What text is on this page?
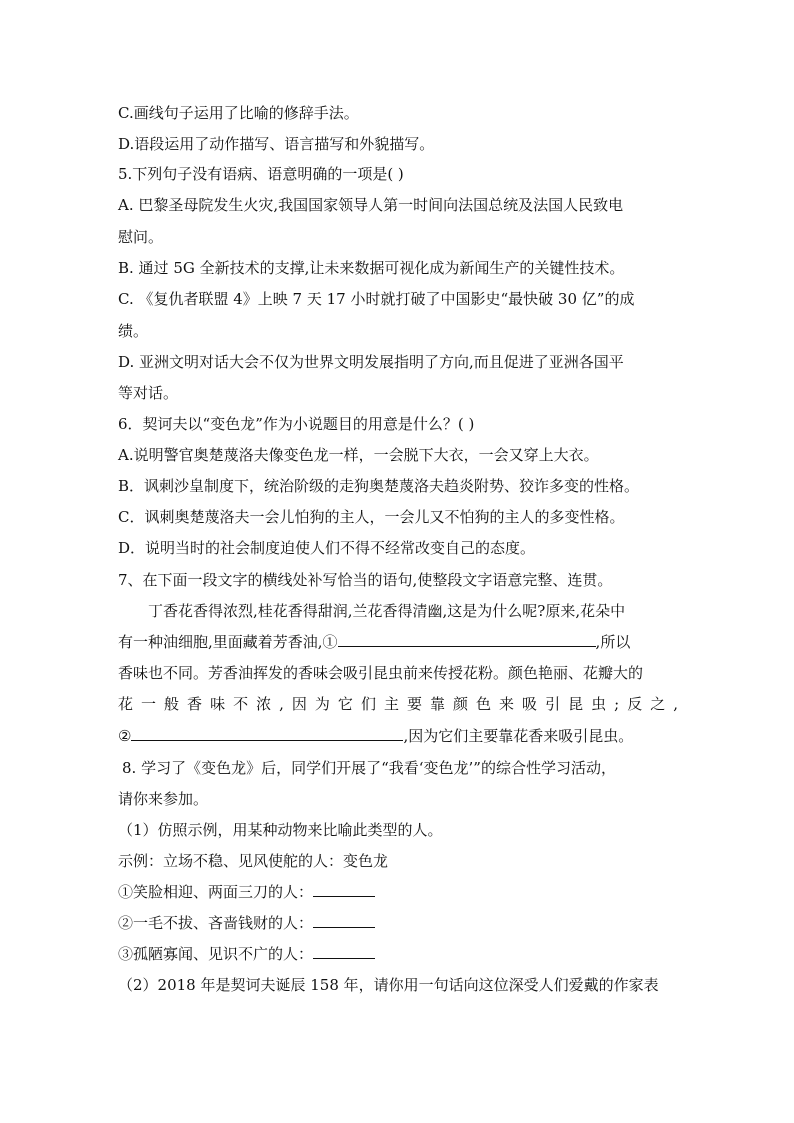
C.画线句子运用了比喻的修辞手法。
D.语段运用了动作描写、语言描写和外貌描写。
5.下列句子没有语病、语意明确的一项是( )
A. 巴黎圣母院发生火灾,我国国家领导人第一时间向法国总统及法国人民致电
慰问。
B. 通过 5G 全新技术的支撑,让未来数据可视化成为新闻生产的关键性技术。
C. 《复仇者联盟 4》上映 7 天 17 小时就打破了中国影史“最快破 30 亿”的成
绩。
D. 亚洲文明对话大会不仅为世界文明发展指明了方向,而且促进了亚洲各国平
等对话。
6．契诃夫以“变色龙”作为小说题目的用意是什么？( )
A.说明警官奥楚蔑洛夫像变色龙一样，一会脱下大衣，一会又穿上大衣。
B．讽刺沙皇制度下，统治阶级的走狗奥楚蔑洛夫趋炎附势、狡诈多变的性格。
C．讽刺奥楚蔑洛夫一会儿怕狗的主人，一会儿又不怕狗的主人的多变性格。
D．说明当时的社会制度迫使人们不得不经常改变自己的态度。
7、在下面一段文字的横线处补写恰当的语句,使整段文字语意完整、连贯。
丁香花香得浓烈,桂花香得甜润,兰花香得清幽,这是为什么呢?原来,花朵中
有一种油细胞,里面藏着芳香油,①	,所以
香味也不同。芳香油挥发的香味会吸引昆虫前来传授花粉。颜色艳丽、花瓣大的
花一般香味不浓,因为它们主要靠颜色来吸引昆虫;反之,
②	,因为它们主要靠花香来吸引昆虫。
8. 学习了《变色龙》后，同学们开展了“我看‘变色龙’”的综合性学习活动，
请你来参加。
（1）仿照示例，用某种动物来比喻此类型的人。
示例：立场不稳、见风使舵的人：变色龙
①笑脸相迎、两面三刀的人：
②一毛不拔、吝啬钱财的人：
③孤陋寡闻、见识不广的人：
（2）2018 年是契诃夫诞辰 158 年，请你用一句话向这位深受人们爱戴的作家表
